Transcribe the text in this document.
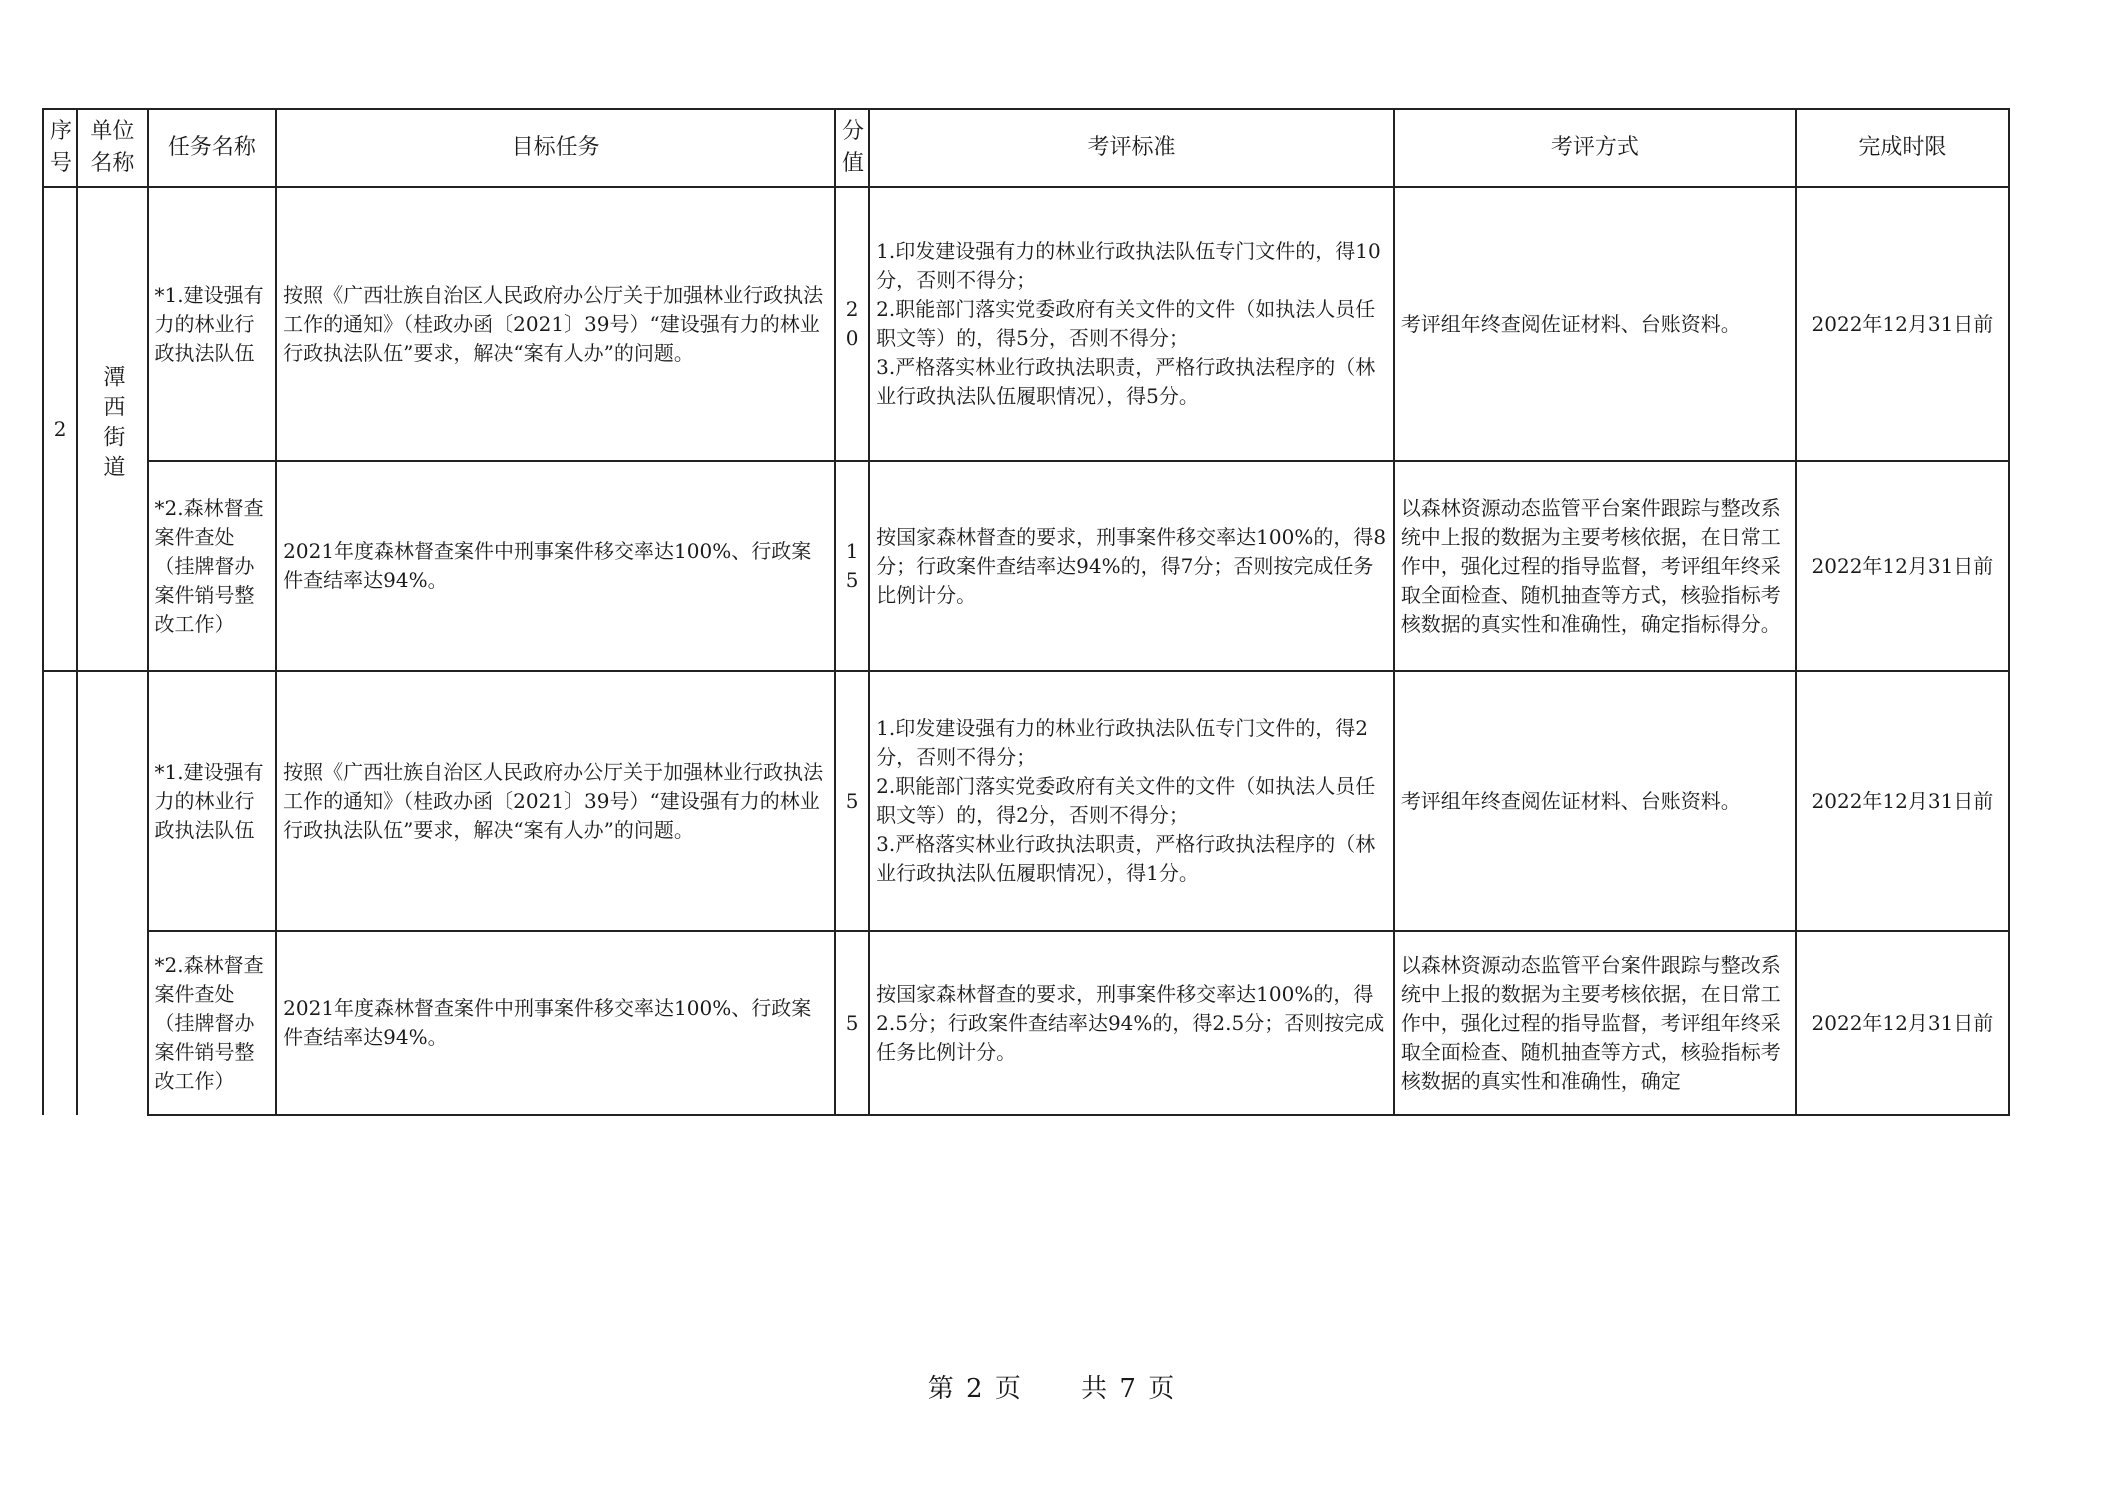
序号	单位名称	任务名称	目标任务	分值	考评标准	考评方式	完成时限
2	潭西街道	*1.建设强有力的林业行政执法队伍	按照《广西壮族自治区人民政府办公厅关于加强林业行政执法工作的通知》（桂政办函〔2021〕39号）“建设强有力的林业行政执法队伍”要求，解决“案有人办”的问题。	20	1.印发建设强有力的林业行政执法队伍专门文件的，得10分，否则不得分；
2.职能部门落实党委政府有关文件的文件（如执法人员任职文等）的，得5分，否则不得分；
3.严格落实林业行政执法职责，严格行政执法程序的（林业行政执法队伍履职情况），得5分。	考评组年终查阅佐证材料、台账资料。	2022年12月31日前
		*2.森林督查案件查处（挂牌督办案件销号整改工作）	2021年度森林督查案件中刑事案件移交率达100%、行政案件查结率达94%。	15	按国家森林督查的要求，刑事案件移交率达100%的，得8分；行政案件查结率达94%的，得7分；否则按完成任务比例计分。	以森林资源动态监管平台案件跟踪与整改系统中上报的数据为主要考核依据，在日常工作中，强化过程的指导监督，考评组年终采取全面检查、随机抽查等方式，核验指标考核数据的真实性和准确性，确定指标得分。	2022年12月31日前
		*1.建设强有力的林业行政执法队伍	按照《广西壮族自治区人民政府办公厅关于加强林业行政执法工作的通知》（桂政办函〔2021〕39号）“建设强有力的林业行政执法队伍”要求，解决“案有人办”的问题。	5	1.印发建设强有力的林业行政执法队伍专门文件的，得2分，否则不得分；
2.职能部门落实党委政府有关文件的文件（如执法人员任职文等）的，得2分，否则不得分；
3.严格落实林业行政执法职责，严格行政执法程序的（林业行政执法队伍履职情况），得1分。	考评组年终查阅佐证材料、台账资料。	2022年12月31日前
		*2.森林督查案件查处（挂牌督办案件销号整改工作）	2021年度森林督查案件中刑事案件移交率达100%、行政案件查结率达94%。	5	按国家森林督查的要求，刑事案件移交率达100%的，得2.5分；行政案件查结率达94%的，得2.5分；否则按完成任务比例计分。	以森林资源动态监管平台案件跟踪与整改系统中上报的数据为主要考核依据，在日常工作中，强化过程的指导监督，考评组年终采取全面检查、随机抽查等方式，核验指标考核数据的真实性和准确性，确定	2022年12月31日前
第 2 页 共 7 页
